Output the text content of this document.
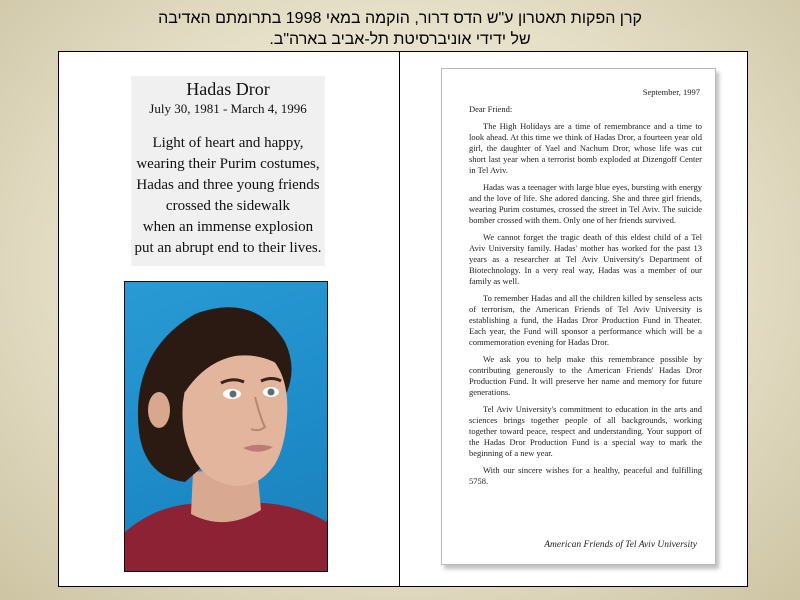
קרן הפקות תאטרון ע"ש הדס דרור, הוקמה במאי 1998 בתרומתם האדיבה
של ידידי אוניברסיטת תל-אביב בארה"ב.
Hadas Dror
July 30, 1981 - March 4, 1996
Light of heart and happy,
wearing their Purim costumes,
Hadas and three young friends
crossed the sidewalk
when an immense explosion
put an abrupt end to their lives.
September, 1997
Dear Friend:

The High Holidays are a time of remembrance and a time to look ahead. At this time we think of Hadas Dror, a fourteen year old girl, the daughter of Yael and Nachum Dror, whose life was cut short last year when a terrorist bomb exploded at Dizengoff Center in Tel Aviv.

Hadas was a teenager with large blue eyes, bursting with energy and the love of life. She adored dancing. She and three girl friends, wearing Purim costumes, crossed the street in Tel Aviv. The suicide bomber crossed with them. Only one of her friends survived.

We cannot forget the tragic death of this eldest child of a Tel Aviv University family. Hadas' mother has worked for the past 13 years as a researcher at Tel Aviv University's Department of Biotechnology. In a very real way, Hadas was a member of our family as well.

To remember Hadas and all the children killed by senseless acts of terrorism, the American Friends of Tel Aviv University is establishing a fund, the Hadas Dror Production Fund in Theater. Each year, the Fund will sponsor a performance which will be a commemoration evening for Hadas Dror.

We ask you to help make this remembrance possible by contributing generously to the American Friends' Hadas Dror Production Fund. It will preserve her name and memory for future generations.

Tel Aviv University's commitment to education in the arts and sciences brings together people of all backgrounds, working together toward peace, respect and understanding. Your support of the Hadas Dror Production Fund is a special way to mark the beginning of a new year.

With our sincere wishes for a healthy, peaceful and fulfilling 5758.

American Friends of Tel Aviv University
